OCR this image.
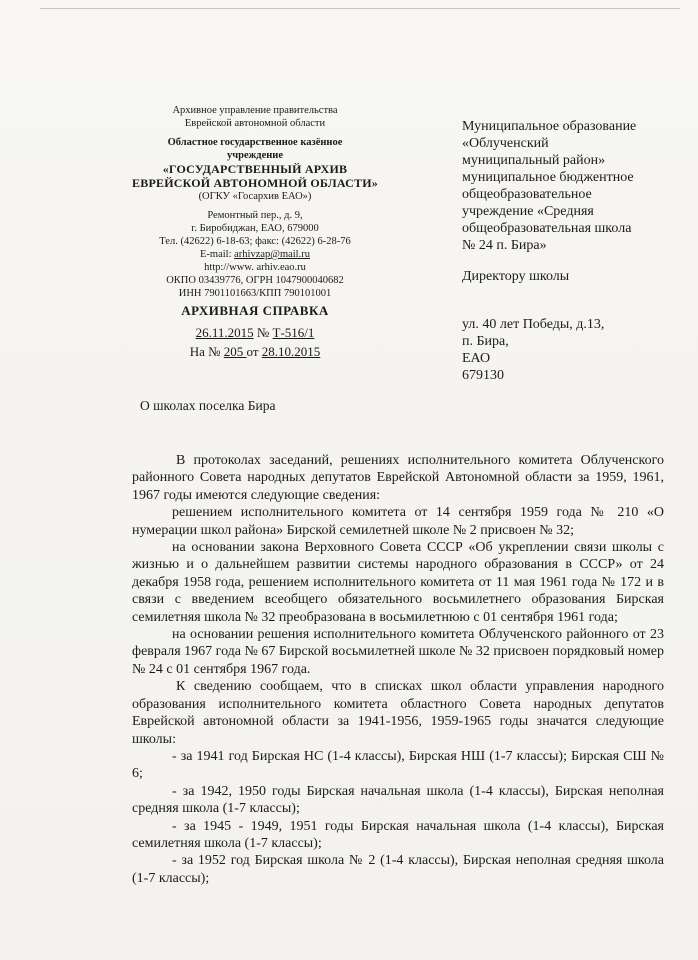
Архивное управление правительства
Еврейской автономной области
Областное государственное казённое
учреждение
«ГОСУДАРСТВЕННЫЙ АРХИВ
ЕВРЕЙСКОЙ АВТОНОМНОЙ ОБЛАСТИ»
(ОГКУ «Госархив ЕАО»)
Ремонтный пер., д. 9,
г. Биробиджан, ЕАО, 679000
Тел. (42622) 6-18-63; факс: (42622) 6-28-76
E-mail: arhivzap@mail.ru
http://www. arhiv.eao.ru
ОКПО 03439776, ОГРН 1047900040682
ИНН 7901101663/КПП 790101001
АРХИВНАЯ СПРАВКА
26.11.2015 № Т-516/1
На № 205 от 28.10.2015
О школах поселка Бира
Муниципальное образование
«Облученский
муниципальный район»
муниципальное бюджентное
общеобразовательное
учреждение «Средняя
общеобразовательная школа
№ 24 п. Бира»
Директору школы
ул. 40 лет Победы, д.13,
п. Бира,
ЕАО
679130

В протоколах заседаний, решениях исполнительного комитета Облученского районного Совета народных депутатов Еврейской Автономной области за 1959, 1961, 1967 годы имеются следующие сведения:

решением исполнительного комитета от 14 сентября 1959 года № 210 «О нумерации школ района» Бирской семилетней школе № 2 присвоен № 32;

на основании закона Верховного Совета СССР «Об укреплении связи школы с жизнью и о дальнейшем развитии системы народного образования в СССР» от 24 декабря 1958 года, решением исполнительного комитета от 11 мая 1961 года № 172 и в связи с введением всеобщего обязательного восьмилетнего образования Бирская семилетняя школа № 32 преобразована в восьмилетнюю с 01 сентября 1961 года;

на основании решения исполнительного комитета Облученского районного от 23 февраля 1967 года № 67 Бирской восьмилетней школе № 32 присвоен порядковый номер № 24 с 01 сентября 1967 года.

К сведению сообщаем, что в списках школ области управления народного образования исполнительного комитета областного Совета народных депутатов Еврейской автономной области за 1941-1956, 1959-1965 годы значатся следующие школы:

- за 1941 год Бирская НС (1-4 классы), Бирская НШ (1-7 классы); Бирская СШ № 6;

- за 1942, 1950 годы Бирская начальная школа (1-4 классы), Бирская неполная средняя школа (1-7 классы);

- за 1945 - 1949, 1951 годы Бирская начальная школа (1-4 классы), Бирская семилетняя школа (1-7 классы);

- за 1952 год Бирская школа № 2 (1-4 классы), Бирская неполная средняя школа (1-7 классы);
